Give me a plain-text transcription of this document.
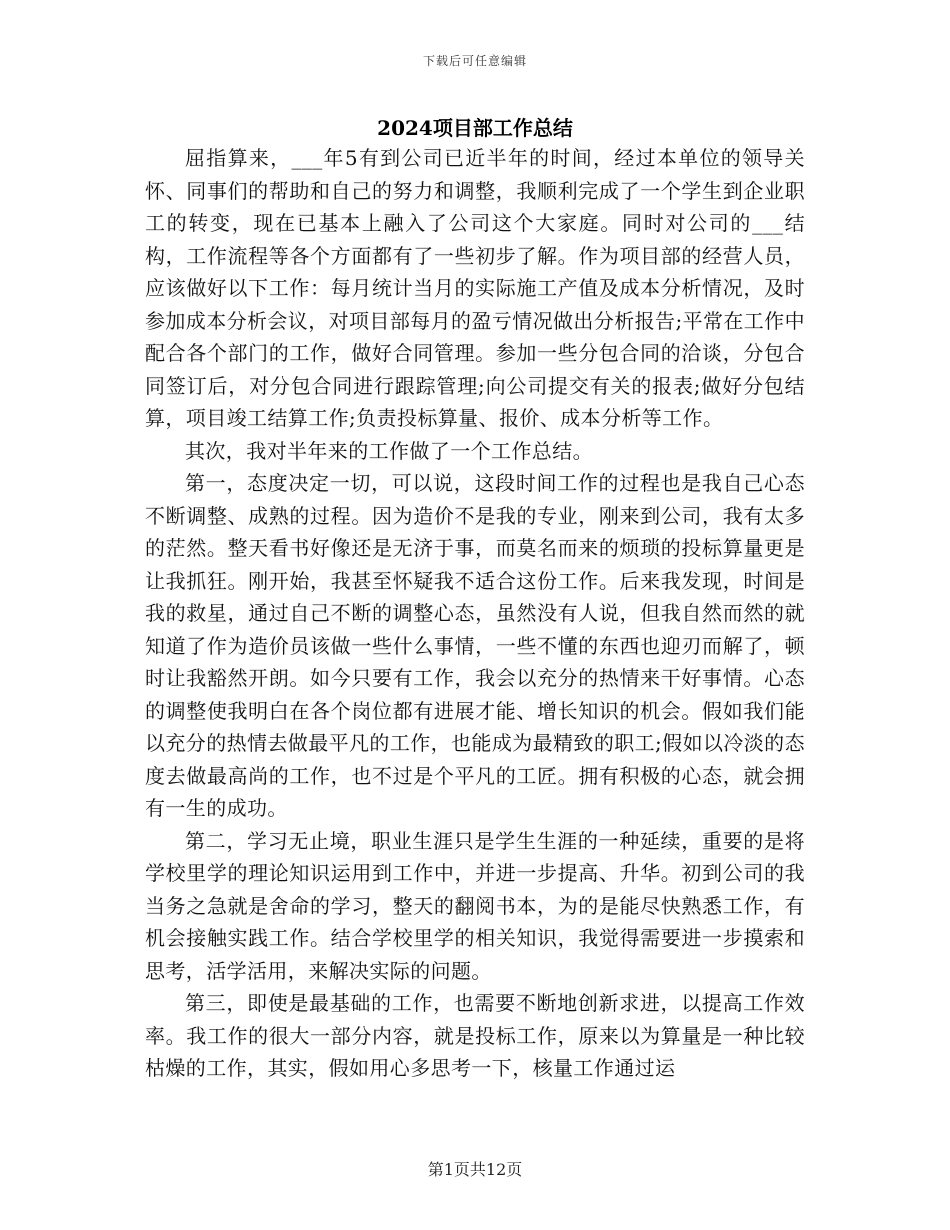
下载后可任意编辑
2024项目部工作总结

屈指算来，___年5有到公司已近半年的时间，经过本单位的领导关怀、同事们的帮助和自己的努力和调整，我顺利完成了一个学生到企业职工的转变，现在已基本上融入了公司这个大家庭。同时对公司的___结构，工作流程等各个方面都有了一些初步了解。作为项目部的经营人员，应该做好以下工作：每月统计当月的实际施工产值及成本分析情况，及时参加成本分析会议，对项目部每月的盈亏情况做出分析报告;平常在工作中配合各个部门的工作，做好合同管理。参加一些分包合同的洽谈，分包合同签订后，对分包合同进行跟踪管理;向公司提交有关的报表;做好分包结算，项目竣工结算工作;负责投标算量、报价、成本分析等工作。

其次，我对半年来的工作做了一个工作总结。

第一，态度决定一切，可以说，这段时间工作的过程也是我自己心态不断调整、成熟的过程。因为造价不是我的专业，刚来到公司，我有太多的茫然。整天看书好像还是无济于事，而莫名而来的烦琐的投标算量更是让我抓狂。刚开始，我甚至怀疑我不适合这份工作。后来我发现，时间是我的救星，通过自己不断的调整心态，虽然没有人说，但我自然而然的就知道了作为造价员该做一些什么事情，一些不懂的东西也迎刃而解了，顿时让我豁然开朗。如今只要有工作，我会以充分的热情来干好事情。心态的调整使我明白在各个岗位都有进展才能、增长知识的机会。假如我们能以充分的热情去做最平凡的工作，也能成为最精致的职工;假如以冷淡的态度去做最高尚的工作，也不过是个平凡的工匠。拥有积极的心态，就会拥有一生的成功。

第二，学习无止境，职业生涯只是学生生涯的一种延续，重要的是将学校里学的理论知识运用到工作中，并进一步提高、升华。初到公司的我当务之急就是舍命的学习，整天的翻阅书本，为的是能尽快熟悉工作，有机会接触实践工作。结合学校里学的相关知识，我觉得需要进一步摸索和思考，活学活用，来解决实际的问题。

第三，即使是最基础的工作，也需要不断地创新求进，以提高工作效率。我工作的很大一部分内容，就是投标工作，原来以为算量是一种比较枯燥的工作，其实，假如用心多思考一下，核量工作通过运

第1页共12页
